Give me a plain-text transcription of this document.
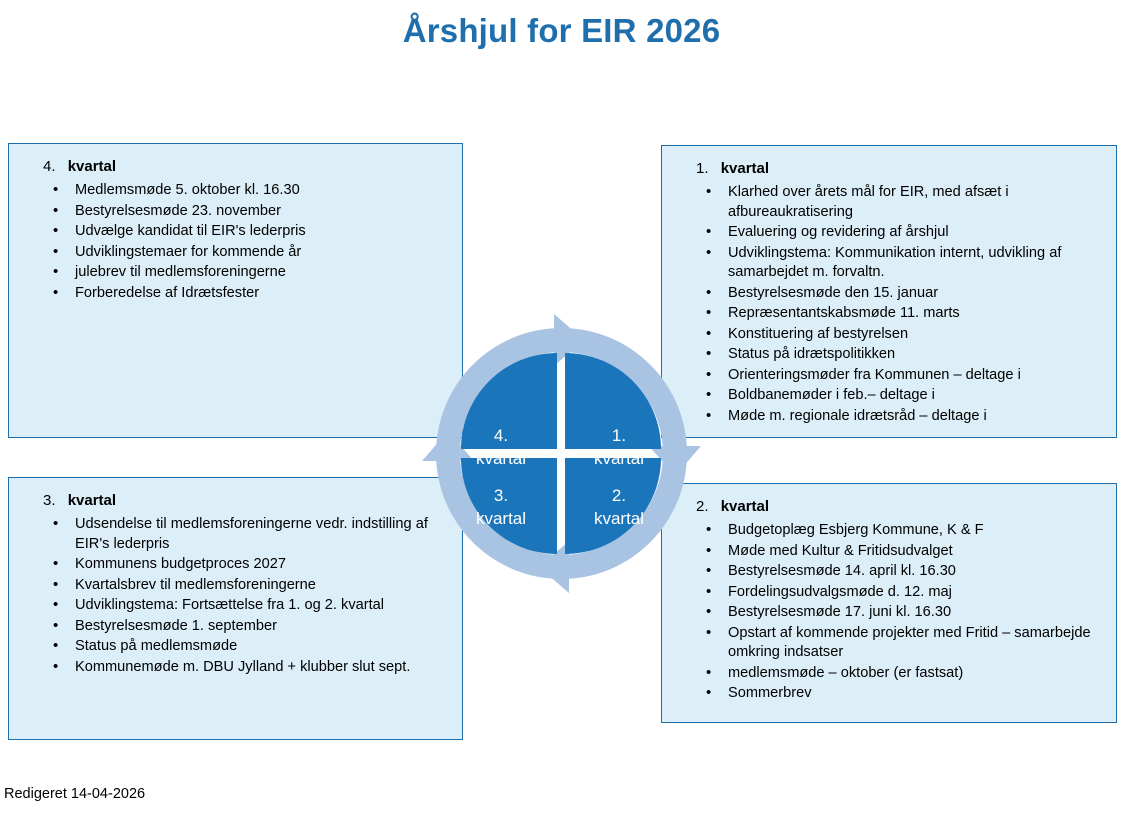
Årshjul for EIR 2026
4. kvartal
• Medlemsmøde 5. oktober kl. 16.30
• Bestyrelsesmøde 23. november
• Udvælge kandidat til EIR's lederpris
• Udviklingstemaer for kommende år
• julebrev til medlemsforeningerne
• Forberedelse af Idrætsfester
1. kvartal
• Klarhed over årets mål for EIR, med afsæt i afbureaukratisering
• Evaluering og revidering af årshjul
• Udviklingstema: Kommunikation internt, udvikling af samarbejdet m. forvaltn.
• Bestyrelsesmøde den 15. januar
• Repræsentantskabsmøde 11. marts
• Konstituering af bestyrelsen
• Status på idrætspolitikken
• Orienteringsmøder fra Kommunen – deltage i
• Boldbanemøder i feb.– deltage i
• Møde m. regionale idrætsråd – deltage i
3. kvartal
• Udsendelse til medlemsforeningerne vedr. indstilling af EIR's lederpris
• Kommunens budgetproces 2027
• Kvartalsbrev til medlemsforeningerne
• Udviklingstema: Fortsættelse fra 1. og 2. kvartal
• Bestyrelsesmøde 1. september
• Status på medlemsmøde
• Kommunemøde m. DBU Jylland + klubber slut sept.
2. kvartal
• Budgetoplæg Esbjerg Kommune, K & F
• Møde med Kultur & Fritidsudvalget
• Bestyrelsesmøde 14. april kl. 16.30
• Fordelingsudvalgsmøde d. 12. maj
• Bestyrelsesmøde 17. juni kl. 16.30
• Opstart af kommende projekter med Fritid – samarbejde omkring indsatser
• medlemsmøde – oktober (er fastsat)
• Sommerbrev
1.
kvartal
2.
kvartal
3.
kvartal
4.
kvartal
Redigeret 14-04-2026
